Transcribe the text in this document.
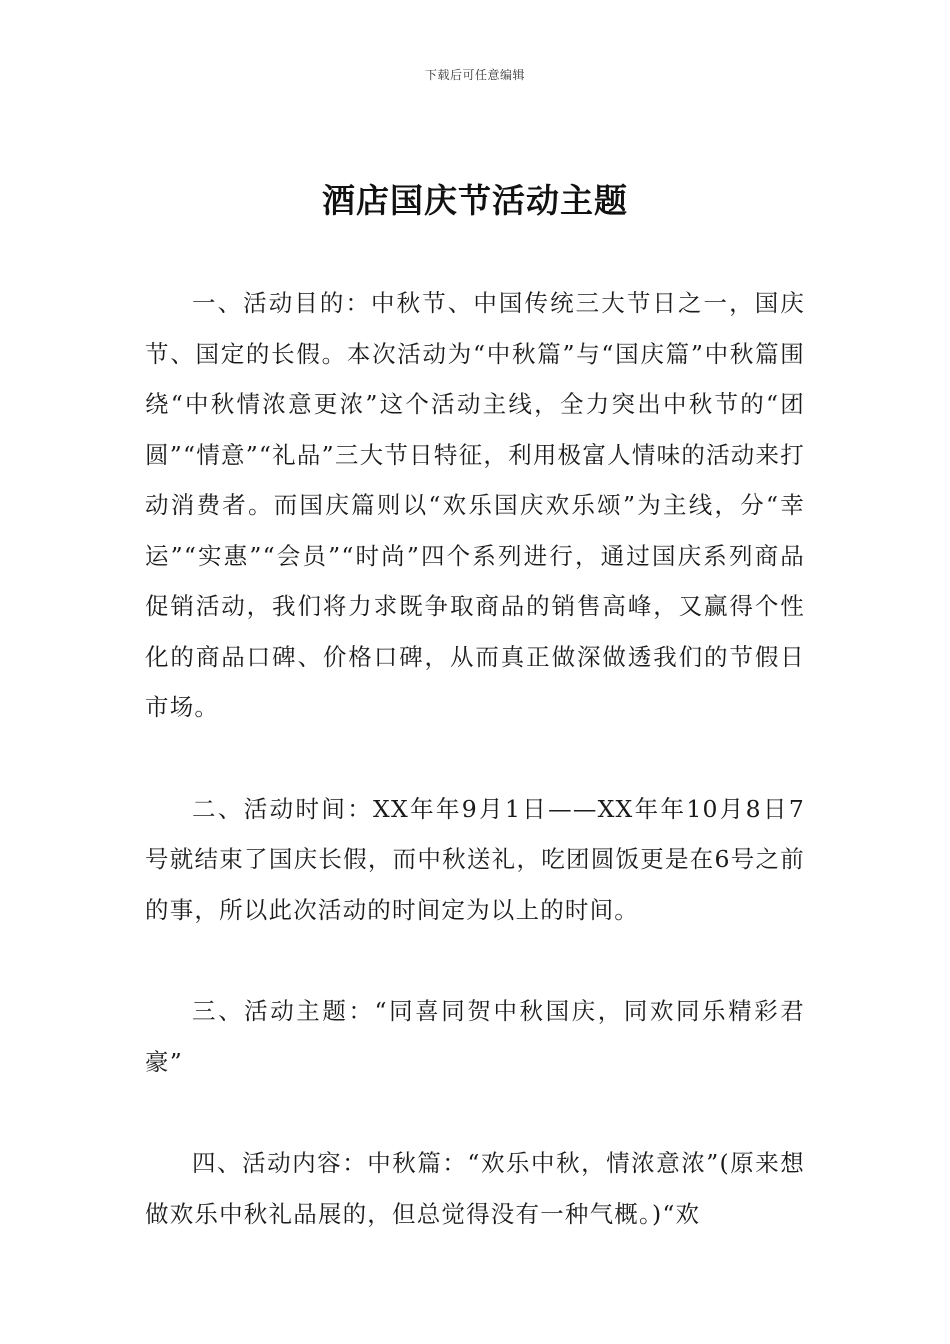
下载后可任意编辑
酒店国庆节活动主题

一、活动目的：中秋节、中国传统三大节日之一，国庆节、国定的长假。本次活动为“中秋篇”与“国庆篇”中秋篇围绕“中秋情浓意更浓”这个活动主线，全力突出中秋节的“团圆”“情意”“礼品”三大节日特征，利用极富人情味的活动来打动消费者。而国庆篇则以“欢乐国庆欢乐颂”为主线，分“幸运”“实惠”“会员”“时尚”四个系列进行，通过国庆系列商品促销活动，我们将力求既争取商品的销售高峰，又赢得个性化的商品口碑、价格口碑，从而真正做深做透我们的节假日市场。

二、活动时间：XX年年9月1日——XX年年10月8日7号就结束了国庆长假，而中秋送礼，吃团圆饭更是在6号之前的事，所以此次活动的时间定为以上的时间。

三、活动主题：“同喜同贺中秋国庆，同欢同乐精彩君豪”

四、活动内容：中秋篇：“欢乐中秋，情浓意浓”(原来想做欢乐中秋礼品展的，但总觉得没有一种气概。)“欢
